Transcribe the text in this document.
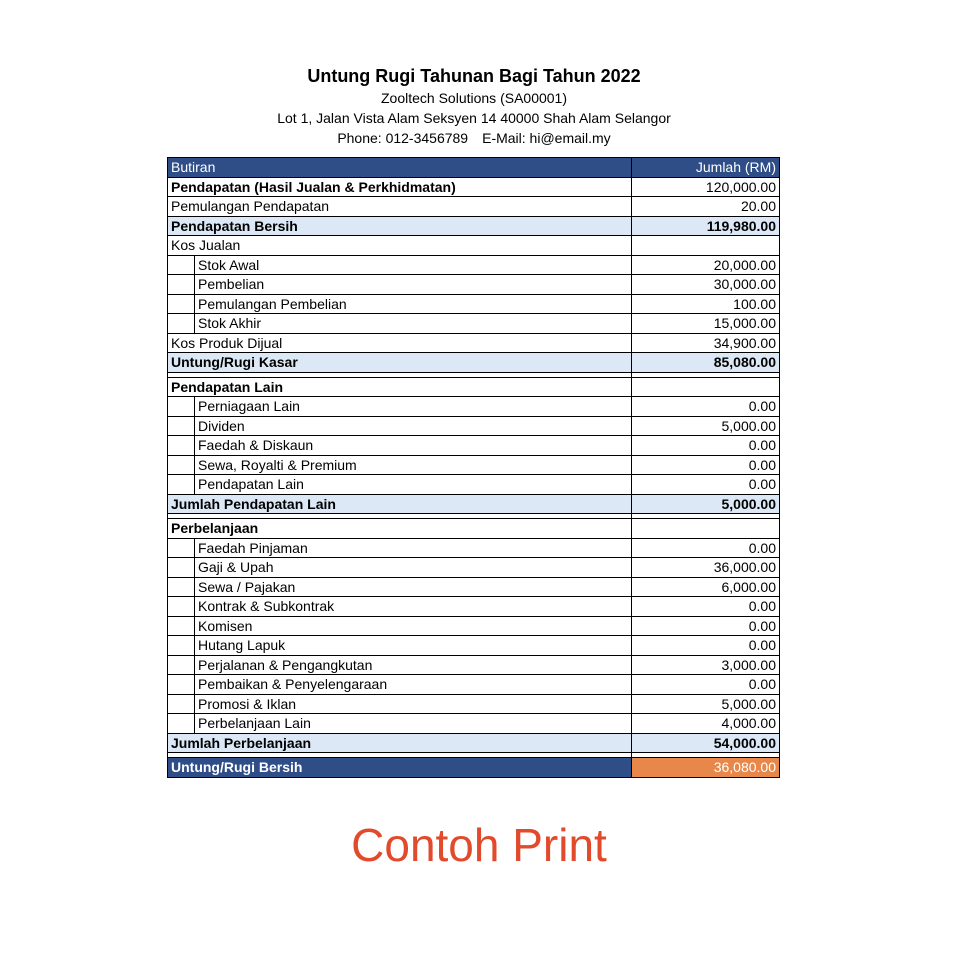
Untung Rugi Tahunan Bagi Tahun 2022

Zooltech Solutions (SA00001)

Lot 1, Jalan Vista Alam Seksyen 14 40000 Shah Alam Selangor

Phone: 012-3456789 E-Mail: hi@email.my

Butiran		Jumlah (RM)
Pendapatan (Hasil Jualan & Perkhidmatan)		120,000.00
Pemulangan Pendapatan		20.00
Pendapatan Bersih		119,980.00
Kos Jualan		
	Stok Awal	20,000.00
	Pembelian	30,000.00
	Pemulangan Pembelian	100.00
	Stok Akhir	15,000.00
Kos Produk Dijual		34,900.00
Untung/Rugi Kasar		85,080.00

Pendapatan Lain		
	Perniagaan Lain	0.00
	Dividen	5,000.00
	Faedah & Diskaun	0.00
	Sewa, Royalti & Premium	0.00
	Pendapatan Lain	0.00
Jumlah Pendapatan Lain		5,000.00

Perbelanjaan		
	Faedah Pinjaman	0.00
	Gaji & Upah	36,000.00
	Sewa / Pajakan	6,000.00
	Kontrak & Subkontrak	0.00
	Komisen	0.00
	Hutang Lapuk	0.00
	Perjalanan & Pengangkutan	3,000.00
	Pembaikan & Penyelengaraan	0.00
	Promosi & Iklan	5,000.00
	Perbelanjaan Lain	4,000.00
Jumlah Perbelanjaan		54,000.00

Untung/Rugi Bersih		36,080.00
Contoh Print
